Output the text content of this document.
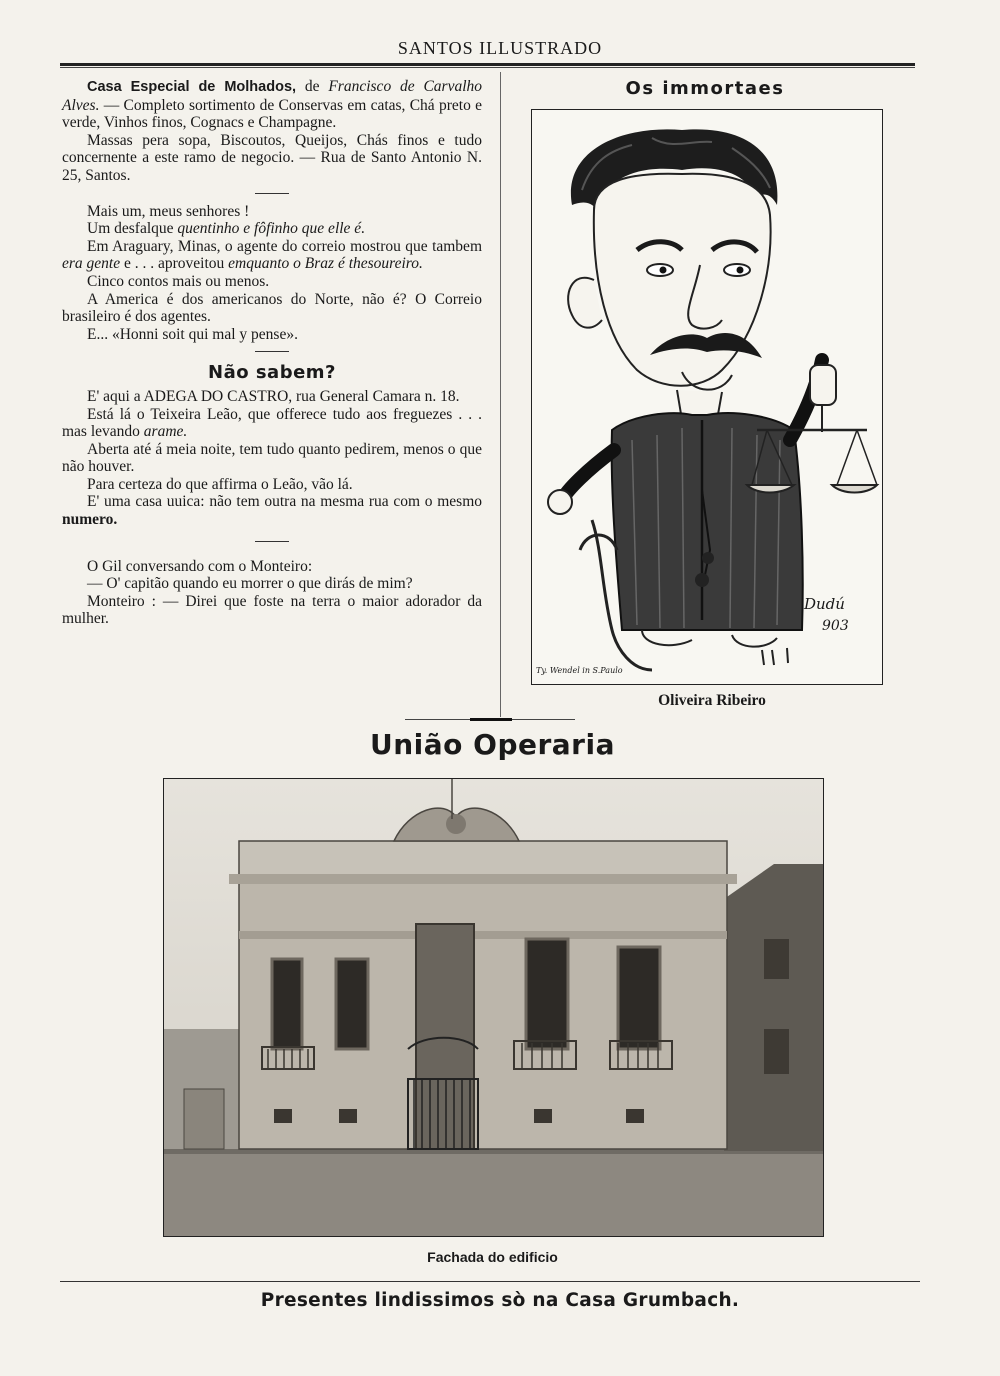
SANTOS ILLUSTRADO

Casa Especial de Molhados, de Francisco de Carvalho Alves. — Completo sortimento de Conservas em catas, Chá preto e verde, Vinhos finos, Cognacs e Champagne.

Massas pera sopa, Biscoutos, Queijos, Chás finos e tudo concernente a este ramo de negocio. — Rua de Santo Antonio N. 25, Santos.

Mais um, meus senhores !

Um desfalque quentinho e fôfinho que elle é.

Em Araguary, Minas, o agente do correio mostrou que tambem era gente e . . . aproveitou emquanto o Braz é thesoureiro.

Cinco contos mais ou menos.

A America é dos americanos do Norte, não é? O Correio brasileiro é dos agentes.

E... «Honni soit qui mal y pense».

Não sabem?

E' aqui a ADEGA DO CASTRO, rua General Camara n. 18.

Está lá o Teixeira Leão, que offerece tudo aos freguezes . . . mas levando arame.

Aberta até á meia noite, tem tudo quanto pedirem, menos o que não houver.

Para certeza do que affirma o Leão, vão lá.

E' uma casa uuica: não tem outra na mesma rua com o mesmo numero.

O Gil conversando com o Monteiro:

— O' capitão quando eu morrer o que dirás de mim?

Monteiro : — Direi que foste na terra o maior adorador da mulher.

Os immortaes
Dudú
903
Ty. Wendel in S.Paulo
Oliveira Ribeiro
União Operaria
Fachada do edificio
Presentes lindissimos sò na Casa Grumbach.
